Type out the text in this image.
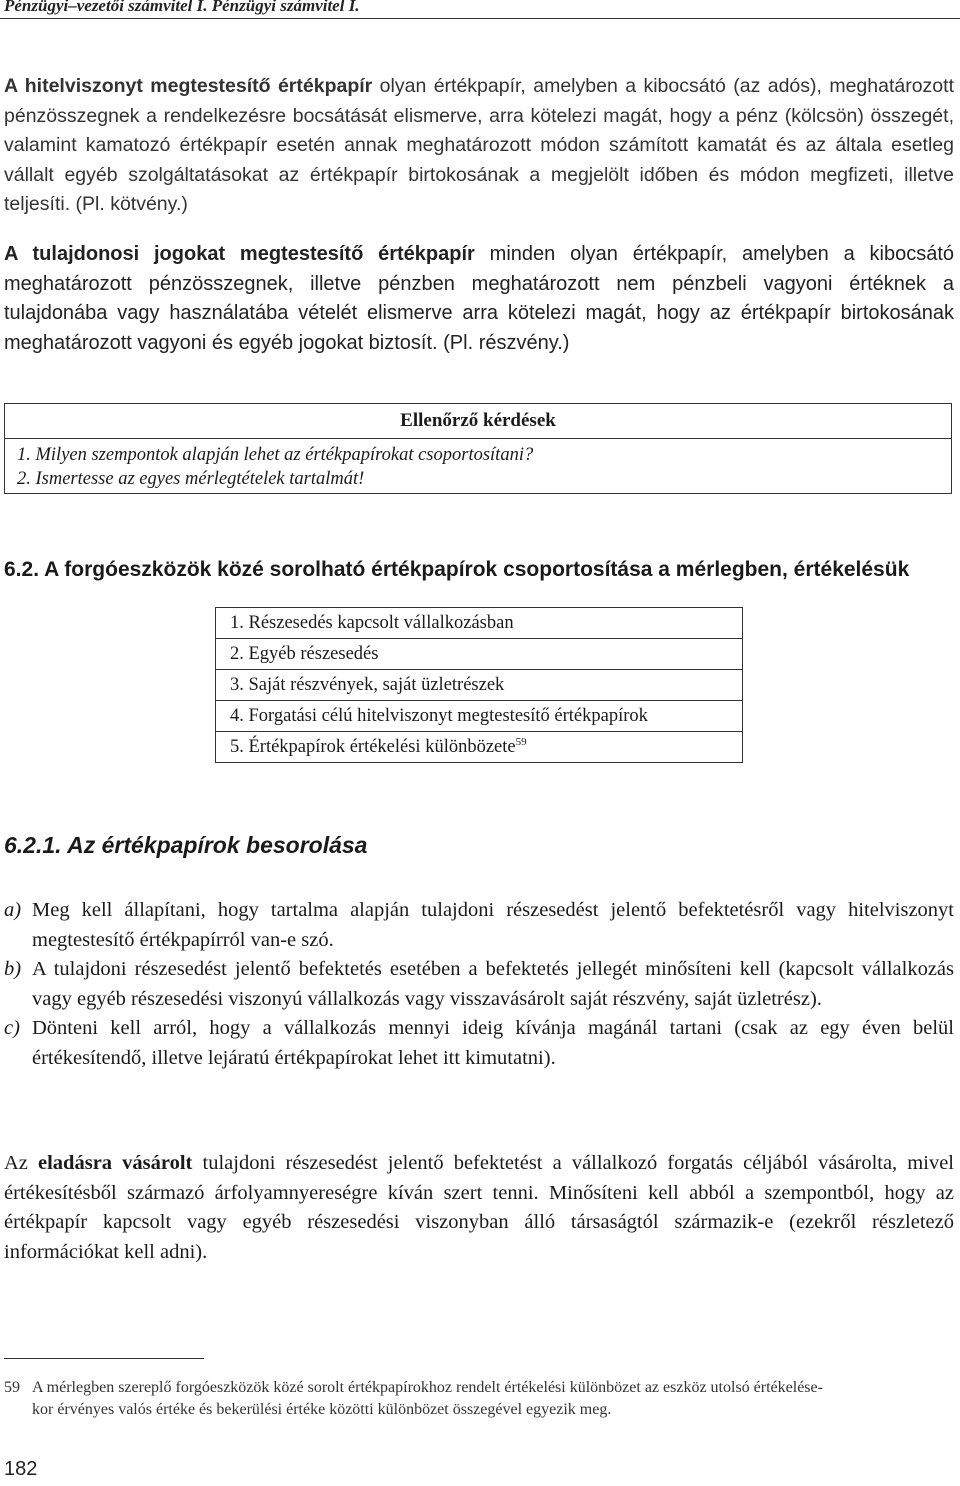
Pénzügyi–vezetői számvitel I. Pénzügyi számvitel I.
A hitelviszonyt megtestesítő értékpapír olyan értékpapír, amelyben a kibocsátó (az adós), meghatározott pénzösszegnek a rendelkezésre bocsátását elismerve, arra kötelezi magát, hogy a pénz (kölcsön) összegét, valamint kamatozó értékpapír esetén annak meghatározott módon számított kamatát és az általa esetleg vállalt egyéb szolgáltatásokat az értékpapír birtokosának a megjelölt időben és módon megfizeti, illetve teljesíti. (Pl. kötvény.)
A tulajdonosi jogokat megtestesítő értékpapír minden olyan értékpapír, amelyben a kibocsátó meghatározott pénzösszegnek, illetve pénzben meghatározott nem pénzbeli vagyoni értéknek a tulajdonába vagy használatába vételét elismerve arra kötelezi magát, hogy az értékpapír birtokosának meghatározott vagyoni és egyéb jogokat biztosít. (Pl. részvény.)
Ellenőrző kérdések
1. Milyen szempontok alapján lehet az értékpapírokat csoportosítani?
2. Ismertesse az egyes mérlegtételek tartalmát!
6.2. A forgóeszközök közé sorolható értékpapírok csoportosítása a mérlegben, értékelésük
1. Részesedés kapcsolt vállalkozásban
2. Egyéb részesedés
3. Saját részvények, saját üzletrészek
4. Forgatási célú hitelviszonyt megtestesítő értékpapírok
5. Értékpapírok értékelési különbözete$^{59}$
6.2.1. Az értékpapírok besorolása
a) Meg kell állapítani, hogy tartalma alapján tulajdoni részesedést jelentő befektetésről vagy hitelviszonyt megtestesítő értékpapírról van-e szó.
b) A tulajdoni részesedést jelentő befektetés esetében a befektetés jellegét minősíteni kell (kapcsolt vállalkozás vagy egyéb részesedési viszonyú vállalkozás vagy visszavásárolt saját részvény, saját üzletrész).
c) Dönteni kell arról, hogy a vállalkozás mennyi ideig kívánja magánál tartani (csak az egy éven belül értékesítendő, illetve lejáratú értékpapírokat lehet itt kimutatni).
Az eladásra vásárolt tulajdoni részesedést jelentő befektetést a vállalkozó forgatás céljából vásárolta, mivel értékesítésből származó árfolyamnyereségre kíván szert tenni. Minősíteni kell abból a szempontból, hogy az értékpapír kapcsolt vagy egyéb részesedési viszonyban álló társaságtól származik-e (ezekről részletező információkat kell adni).
59 A mérlegben szereplő forgóeszközök közé sorolt értékpapírokhoz rendelt értékelési különbözet az eszköz utolsó értékelése-
kor érvényes valós értéke és bekerülési értéke közötti különbözet összegével egyezik meg.
182
